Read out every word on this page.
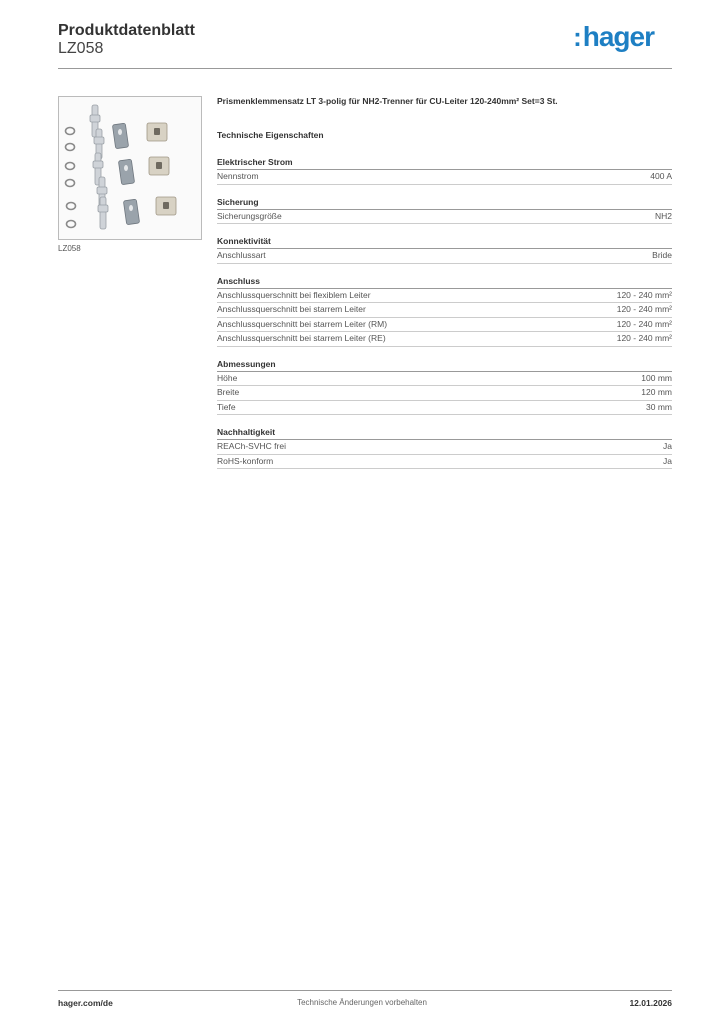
Produktdatenblatt
LZ058	:hager
LZ058
Prismenklemmensatz LT 3-polig für NH2-Trenner für CU-Leiter 120-240mm² Set=3 St.
Technische Eigenschaften
Elektrischer Strom
Nennstrom	400 A
Sicherung
Sicherungsgröße	NH2
Konnektivität
Anschlussart	Bride
Anschluss
Anschlussquerschnitt bei flexiblem Leiter	120 - 240 mm²
Anschlussquerschnitt bei starrem Leiter	120 - 240 mm²
Anschlussquerschnitt bei starrem Leiter (RM)	120 - 240 mm²
Anschlussquerschnitt bei starrem Leiter (RE)	120 - 240 mm²
Abmessungen
Höhe	100 mm
Breite	120 mm
Tiefe	30 mm
Nachhaltigkeit
REACh-SVHC frei	Ja
RoHS-konform	Ja
hager.com/de	Technische Änderungen vorbehalten	12.01.2026
